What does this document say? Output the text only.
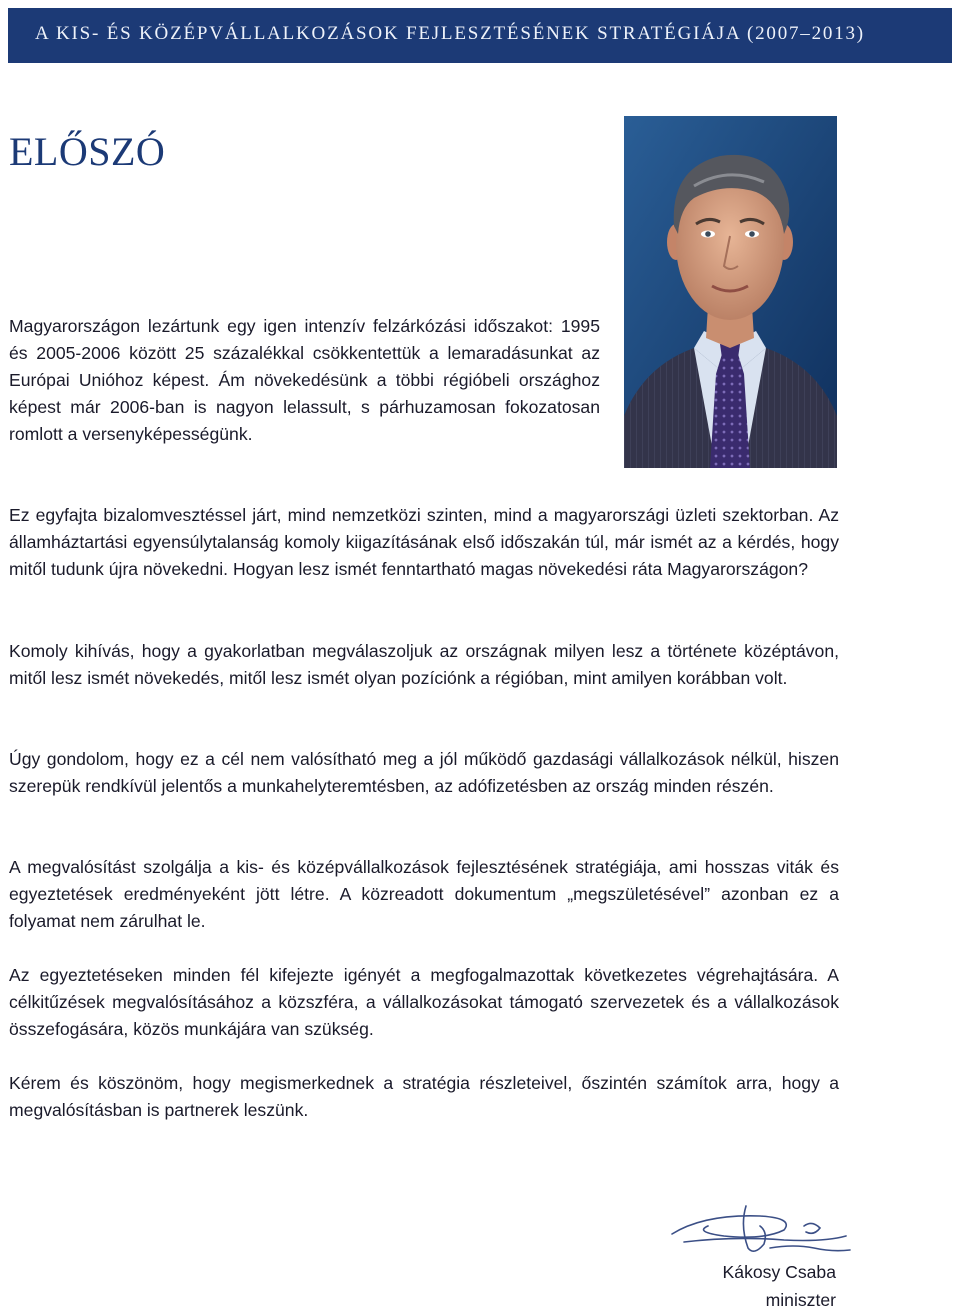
A KIS- ÉS KÖZÉPVÁLLALKOZÁSOK FEJLESZTÉSÉNEK STRATÉGIÁJA (2007–2013)
ELŐSZÓ

Magyarországon lezártunk egy igen intenzív felzárkózási időszakot: 1995 és 2005-2006 között 25 százalékkal csökkentettük a lemaradásunkat az Európai Unióhoz képest. Ám növekedésünk a többi régióbeli országhoz képest már 2006-ban is nagyon lelassult, s párhuzamosan fokozatosan romlott a versenyképességünk.

Ez egyfajta bizalomvesztéssel járt, mind nemzetközi szinten, mind a magyarországi üzleti szektorban. Az államháztartási egyensúlytalanság komoly kiigazításának első időszakán túl, már ismét az a kérdés, hogy mitől tudunk újra növekedni. Hogyan lesz ismét fenntartható magas növekedési ráta Magyarországon?

Komoly kihívás, hogy a gyakorlatban megválaszoljuk az országnak milyen lesz a története középtávon, mitől lesz ismét növekedés, mitől lesz ismét olyan pozíciónk a régióban, mint amilyen korábban volt.

Úgy gondolom, hogy ez a cél nem valósítható meg a jól működő gazdasági vállalkozások nélkül, hiszen szerepük rendkívül jelentős a munkahelyteremtésben, az adófizetésben az ország minden részén.

A megvalósítást szolgálja a kis- és középvállalkozások fejlesztésének stratégiája, ami hosszas viták és egyeztetések eredményeként jött létre. A közreadott dokumentum „megszületésével” azonban ez a folyamat nem zárulhat le.

Az egyeztetéseken minden fél kifejezte igényét a megfogalmazottak következetes végrehajtására. A célkitűzések megvalósításához a közszféra, a vállalkozásokat támogató szervezetek és a vállalkozások összefogására, közös munkájára van szükség.

Kérem és köszönöm, hogy megismerkednek a stratégia részleteivel, őszintén számítok arra, hogy a megvalósításban is partnerek leszünk.

Kákosy Csaba
miniszter
